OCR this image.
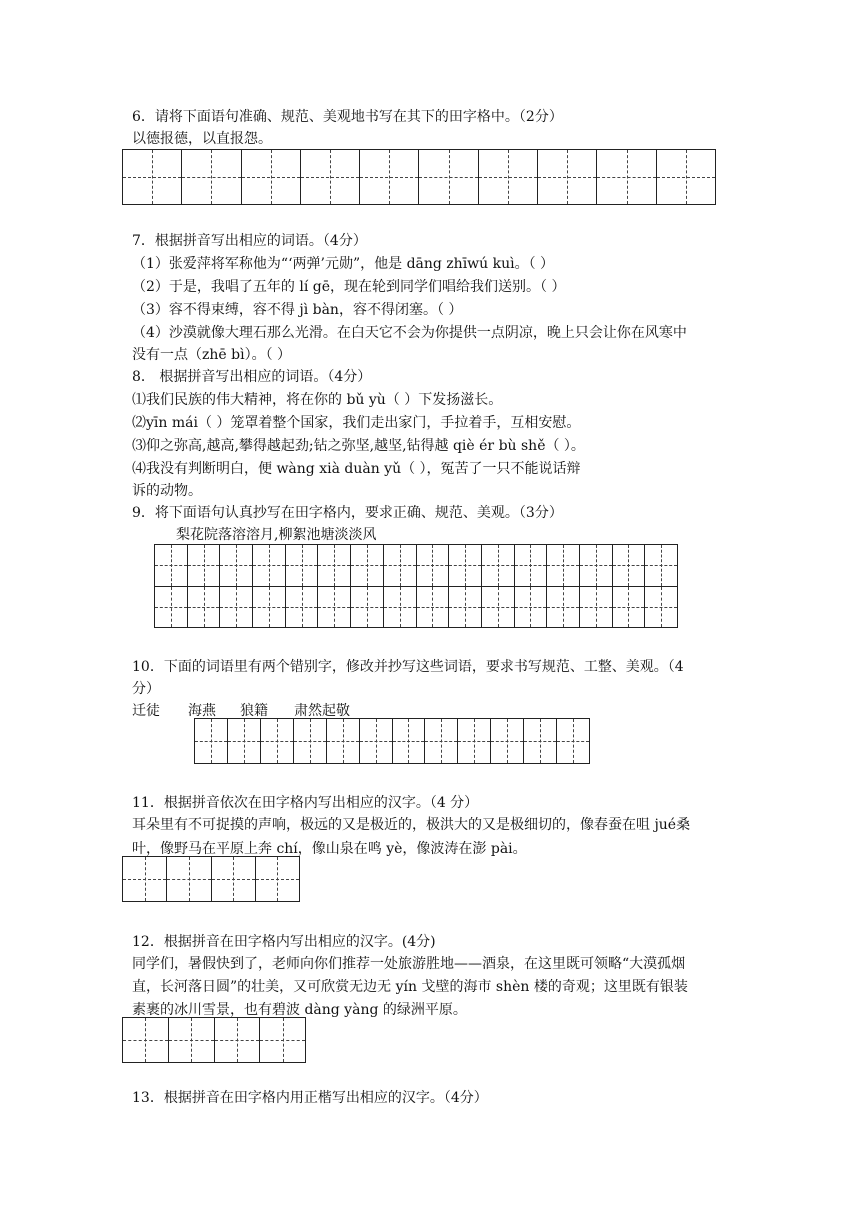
6．请将下面语句准确、规范、美观地书写在其下的田字格中。（2分）
以德报德，以直报怨。
7．根据拼音写出相应的词语。（4分）
（1）张爱萍将军称他为“‘两弹’元勋”，他是 dāng zhīwú kuì。（ ）
（2）于是，我唱了五年的 lí gē，现在轮到同学们唱给我们送别。（ ）
（3）容不得束缚，容不得 jì bàn，容不得闭塞。（ ）
（4）沙漠就像大理石那么光滑。在白天它不会为你提供一点阴凉，晚上只会让你在风寒中
没有一点（zhē bì）。（ ）
8． 根据拼音写出相应的词语。（4分）
⑴我们民族的伟大精神，将在你的 bǔ yù（ ）下发扬滋长。
⑵yīn mái（ ）笼罩着整个国家，我们走出家门，手拉着手，互相安慰。
⑶仰之弥高,越高,攀得越起劲;钻之弥坚,越坚,钻得越 qiè ér bù shě（ ）。
⑷我没有判断明白，便 wàng xià duàn yǔ（ ），冤苦了一只不能说话辩
诉的动物。
9．将下面语句认真抄写在田字格内，要求正确、规范、美观。（3分）
梨花院落溶溶月,柳絮池塘淡淡风
10．下面的词语里有两个错别字，修改并抄写这些词语，要求书写规范、工整、美观。（4
分）
迁徒 海燕 狼籍 肃然起敬
11．根据拼音依次在田字格内写出相应的汉字。（4 分）
耳朵里有不可捉摸的声响，极远的又是极近的，极洪大的又是极细切的，像春蚕在咀 jué桑
叶，像野马在平原上奔 chí，像山泉在鸣 yè，像波涛在澎 pài。
12．根据拼音在田字格内写出相应的汉字。(4分)
同学们，暑假快到了，老师向你们推荐一处旅游胜地——酒泉，在这里既可领略“大漠孤烟
直，长河落日圆”的壮美，又可欣赏无边无 yín 戈壁的海市 shèn 楼的奇观；这里既有银装
素裹的冰川雪景，也有碧波 dàng yàng 的绿洲平原。
13．根据拼音在田字格内用正楷写出相应的汉字。（4分）
